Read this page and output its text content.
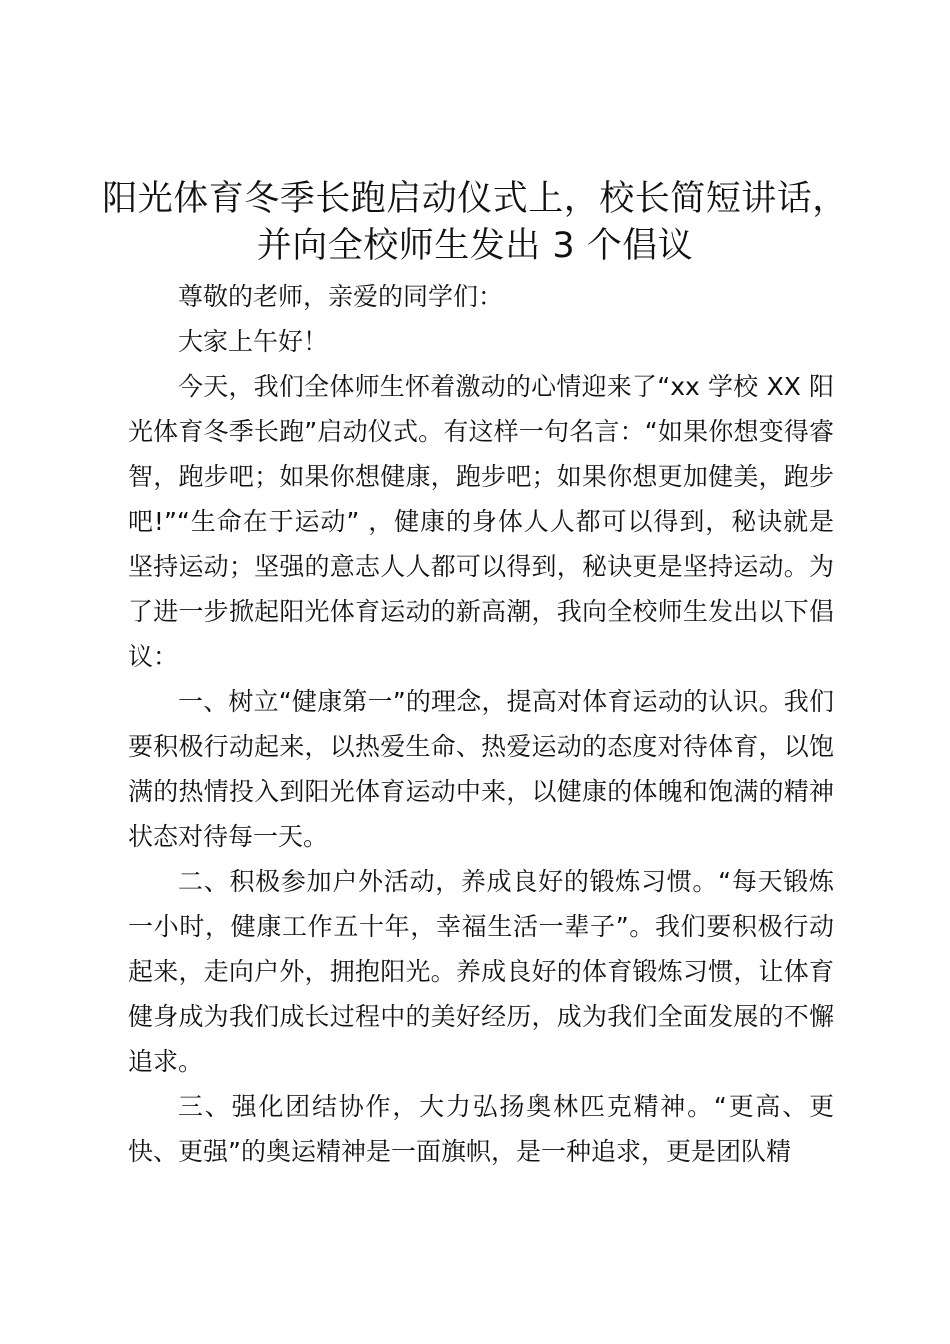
阳光体育冬季长跑启动仪式上，校长简短讲话，
并向全校师生发出 3 个倡议

尊敬的老师，亲爱的同学们：

大家上午好！

今天，我们全体师生怀着激动的心情迎来了“xx 学校 XX 阳光体育冬季长跑”启动仪式。有这样一句名言：“如果你想变得睿智，跑步吧；如果你想健康，跑步吧；如果你想更加健美，跑步吧!”“生命在于运动” ，健康的身体人人都可以得到，秘诀就是坚持运动；坚强的意志人人都可以得到，秘诀更是坚持运动。为了进一步掀起阳光体育运动的新高潮，我向全校师生发出以下倡议：

一、树立“健康第一”的理念，提高对体育运动的认识。我们要积极行动起来，以热爱生命、热爱运动的态度对待体育，以饱满的热情投入到阳光体育运动中来，以健康的体魄和饱满的精神状态对待每一天。

二、积极参加户外活动，养成良好的锻炼习惯。“每天锻炼一小时，健康工作五十年，幸福生活一辈子”。我们要积极行动起来，走向户外，拥抱阳光。养成良好的体育锻炼习惯，让体育健身成为我们成长过程中的美好经历，成为我们全面发展的不懈追求。

三、强化团结协作，大力弘扬奥林匹克精神。“更高、更快、更强”的奥运精神是一面旗帜，是一种追求，更是团队精
